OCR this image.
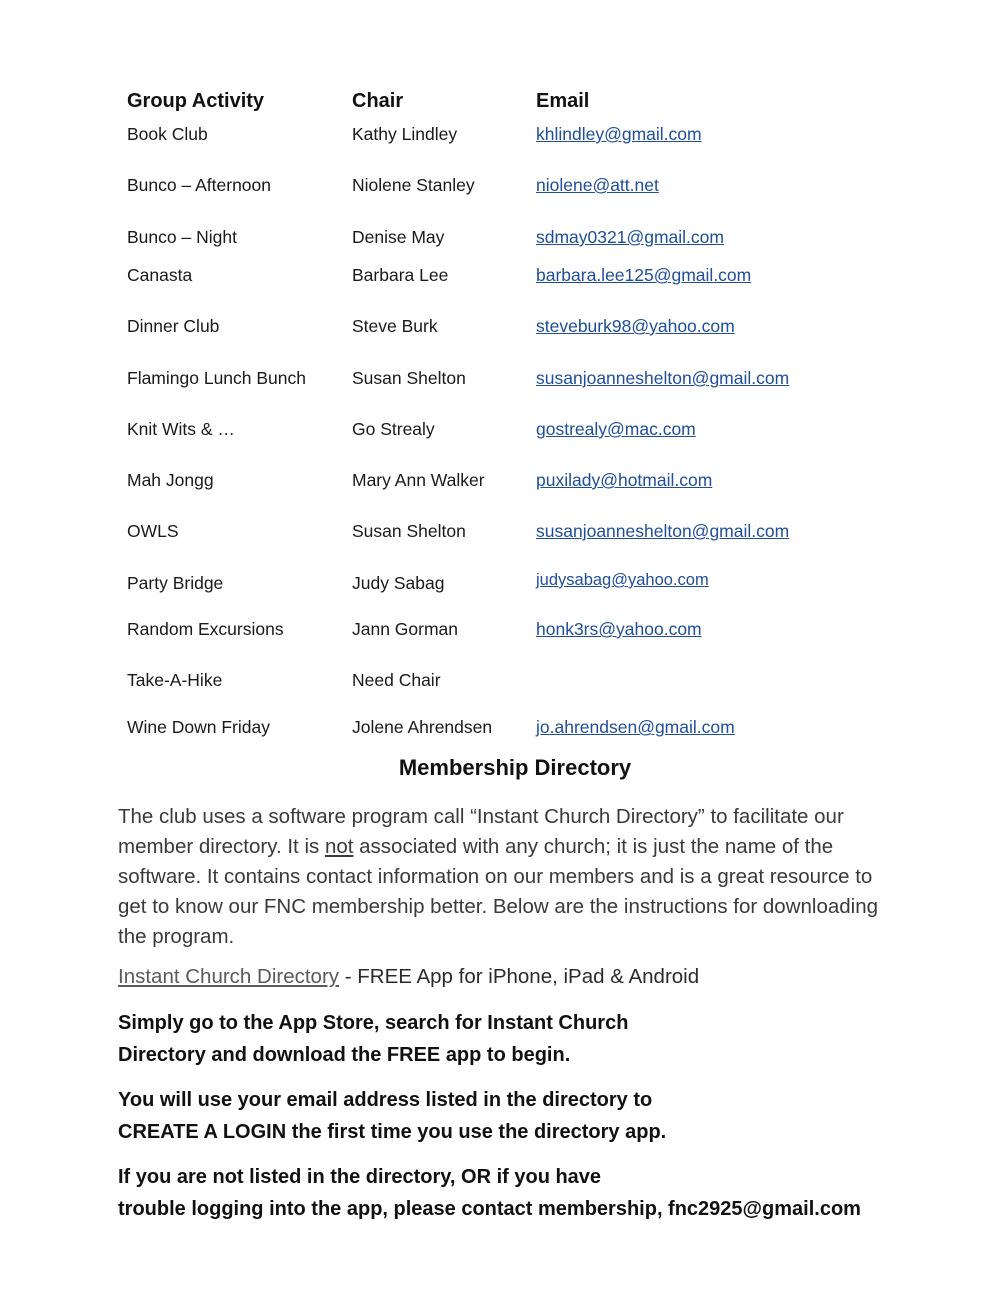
Group Activity	Chair	Email
Book Club	Kathy Lindley	khlindley@gmail.com
Bunco – Afternoon	Niolene Stanley	niolene@att.net
Bunco – Night	Denise May	sdmay0321@gmail.com
Canasta	Barbara Lee	barbara.lee125@gmail.com
Dinner Club	Steve Burk	steveburk98@yahoo.com
Flamingo Lunch Bunch	Susan Shelton	susanjoanneshelton@gmail.com
Knit Wits & …	Go Strealy	gostrealy@mac.com
Mah Jongg	Mary Ann Walker	puxilady@hotmail.com
OWLS	Susan Shelton	susanjoanneshelton@gmail.com
Party Bridge	Judy Sabag	judysabag@yahoo.com
Random Excursions	Jann Gorman	honk3rs@yahoo.com
Take-A-Hike	Need Chair
Wine Down Friday	Jolene Ahrendsen	jo.ahrendsen@gmail.com
Membership Directory

The club uses a software program call “Instant Church Directory” to facilitate our member directory. It is not associated with any church; it is just the name of the software. It contains contact information on our members and is a great resource to get to know our FNC membership better. Below are the instructions for downloading the program.

Instant Church Directory - FREE App for iPhone, iPad & Android

Simply go to the App Store, search for Instant Church
Directory and download the FREE app to begin.

You will use your email address listed in the directory to
CREATE A LOGIN the first time you use the directory app.

If you are not listed in the directory, OR if you have
trouble logging into the app, please contact membership, fnc2925@gmail.com
